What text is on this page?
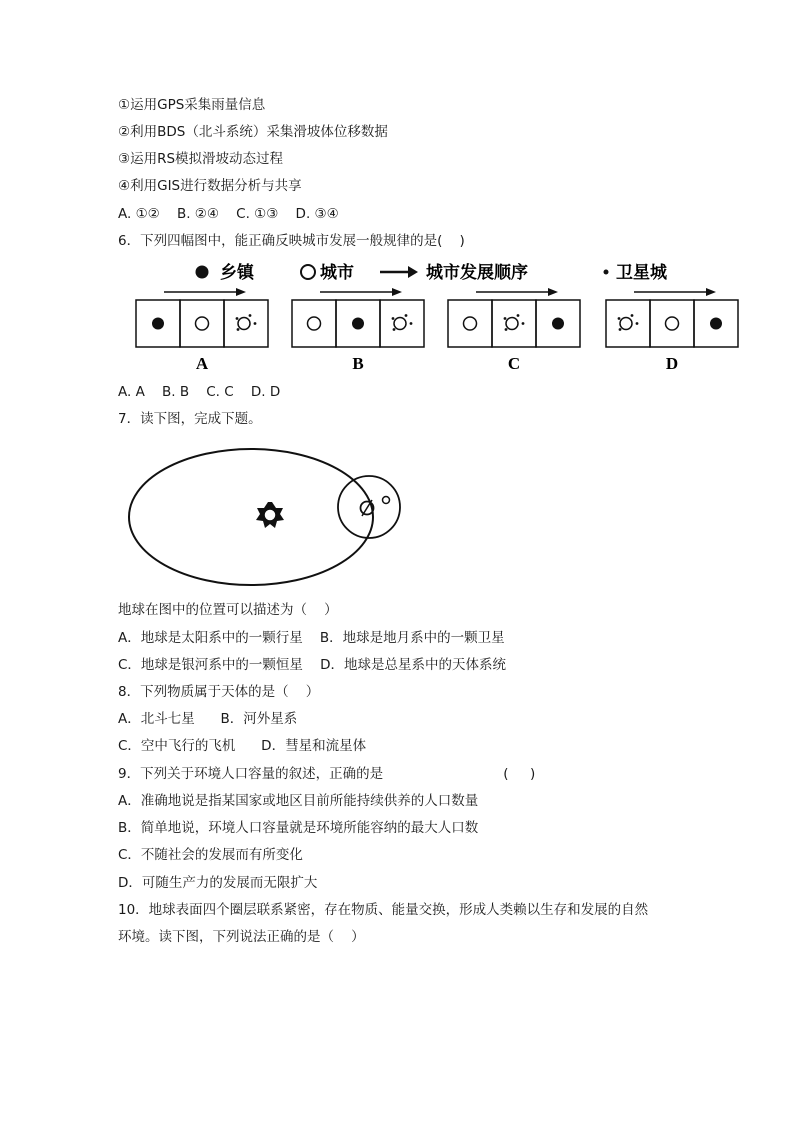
①运用GPS采集雨量信息
②利用BDS（北斗系统）采集滑坡体位移数据
③运用RS模拟滑坡动态过程
④利用GIS进行数据分析与共享
A. ①②    B. ②④    C. ①③    D. ③④
6．下列四幅图中，能正确反映城市发展一般规律的是(    )
乡镇	城市	城市发展顺序	卫星城
A	B	C	D
A. A    B. B    C. C    D. D
7．读下图，完成下题。
地球在图中的位置可以描述为（    ）
A．地球是太阳系中的一颗行星    B．地球是地月系中的一颗卫星
C．地球是银河系中的一颗恒星    D．地球是总星系中的天体系统
8．下列物质属于天体的是（    ）
A．北斗七星      B．河外星系
C．空中飞行的飞机      D．彗星和流星体
9．下列关于环境人口容量的叙述，正确的是                            (     )
A．准确地说是指某国家或地区目前所能持续供养的人口数量
B．简单地说，环境人口容量就是环境所能容纳的最大人口数
C．不随社会的发展而有所变化
D．可随生产力的发展而无限扩大
10．地球表面四个圈层联系紧密，存在物质、能量交换，形成人类赖以生存和发展的自然
环境。读下图，下列说法正确的是（    ）
